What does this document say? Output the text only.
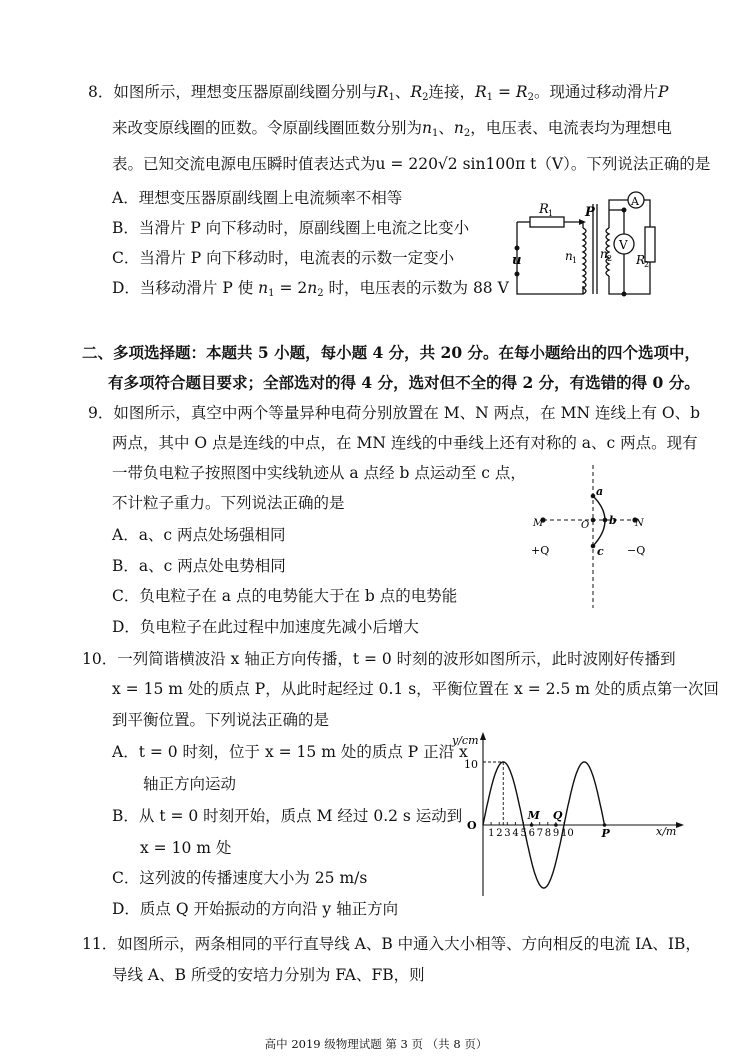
8．如图所示，理想变压器原副线圈分别与$R_1$、$R_2$连接，$R_1 = R_2$。现通过移动滑片P
来改变原线圈的匝数。令原副线圈匝数分别为$n_1$、$n_2$，电压表、电流表均为理想电
表。已知交流电源电压瞬时值表达式为u = 220√2 sin100π t（V）。下列说法正确的是
A．理想变压器原副线圈上电流频率不相等
B．当滑片 P 向下移动时，原副线圈上电流之比变小
C．当滑片 P 向下移动时，电流表的示数一定变小
D．当移动滑片 P 使 $n_1 = 2n_2$ 时，电压表的示数为 88 V
R 1 P
A
V
u	n 1 n 2 R
2
二、多项选择题：本题共 5 小题，每小题 4 分，共 20 分。在每小题给出的四个选项中，
有多项符合题目要求；全部选对的得 4 分，选对但不全的得 2 分，有选错的得 0 分。
9．如图所示，真空中两个等量异种电荷分别放置在 M、N 两点，在 MN 连线上有 O、b
两点，其中 O 点是连线的中点，在 MN 连线的中垂线上还有对称的 a、c 两点。现有
一带负电粒子按照图中实线轨迹从 a 点经 b 点运动至 c 点，
不计粒子重力。下列说法正确的是
A．a、c 两点处场强相同
B．a、c 两点处电势相同
C．负电粒子在 a 点的电势能大于在 b 点的电势能
D．负电粒子在此过程中加速度先减小后增大
a
M	O b N
c
+Q	−Q
10．一列简谐横波沿 x 轴正方向传播，t = 0 时刻的波形如图所示，此时波刚好传播到
x = 15 m 处的质点 P，从此时起经过 0.1 s，平衡位置在 x = 2.5 m 处的质点第一次回
到平衡位置。下列说法正确的是
A．t = 0 时刻，位于 x = 15 m 处的质点 P 正沿 x
轴正方向运动
B．从 t = 0 时刻开始，质点 M 经过 0.2 s 运动到
x = 10 m 处
C．这列波的传播速度大小为 25 m/s
D．质点 Q 开始振动的方向沿 y 轴正方向
1 2 3 4 5 6 7 8 9 10
M Q
P
y/cm
x/m
10
O
11．如图所示，两条相同的平行直导线 A、B 中通入大小相等、方向相反的电流 IA、IB，
导线 A、B 所受的安培力分别为 FA、FB，则
高中 2019 级物理试题 第 3 页 （共 8 页）
